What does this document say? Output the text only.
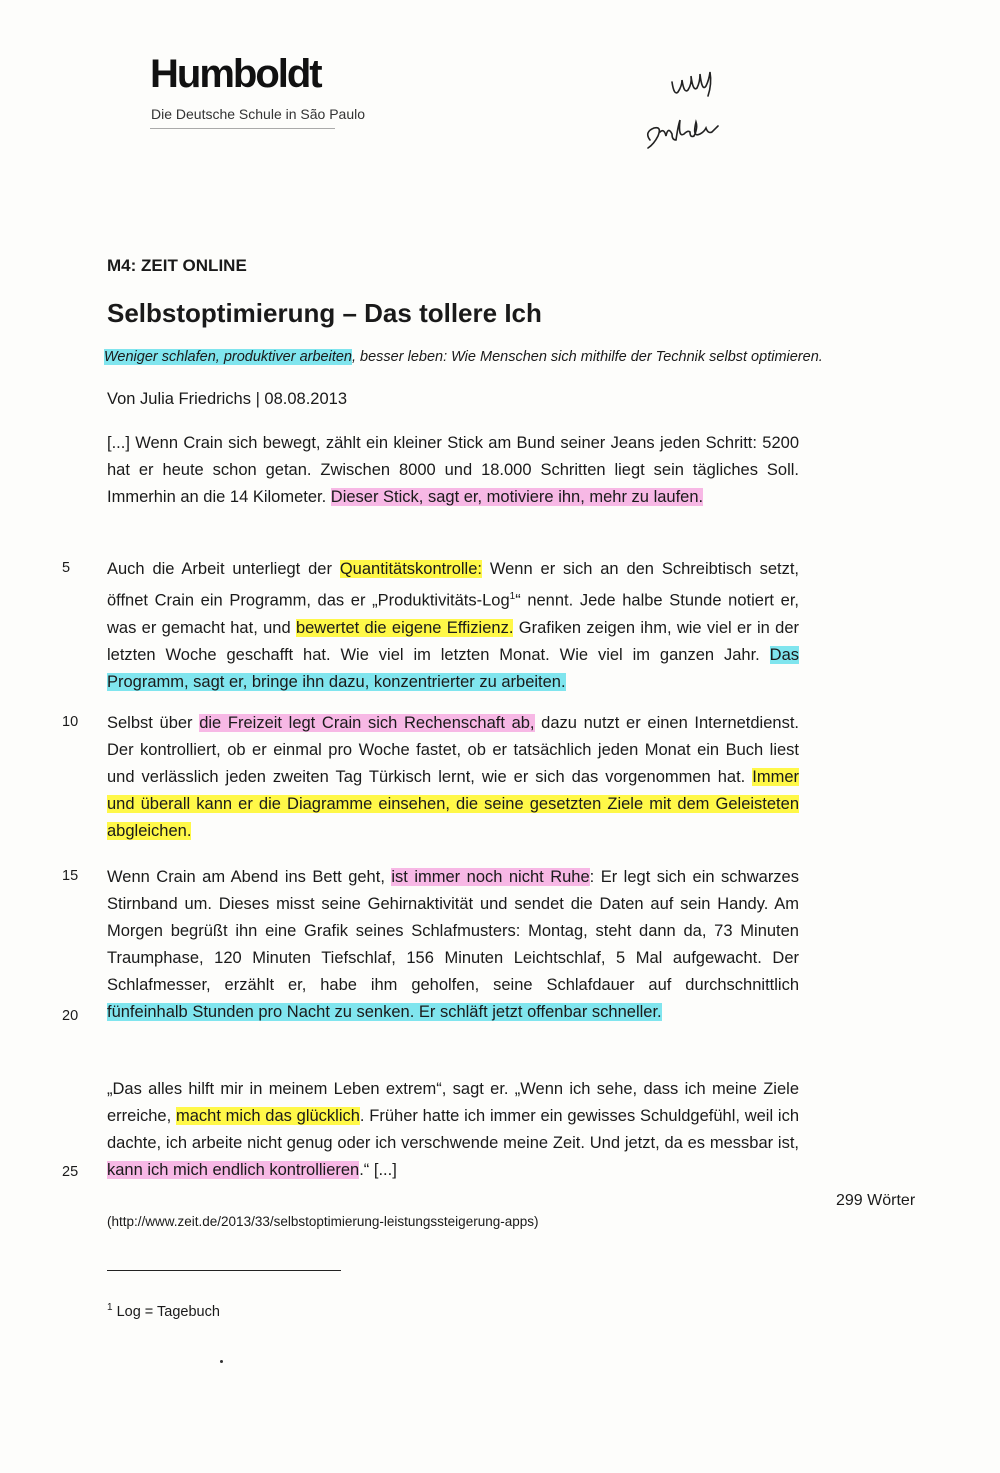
Humboldt
Die Deutsche Schule in São Paulo
M4: ZEIT ONLINE
Selbstoptimierung – Das tollere Ich
Weniger schlafen, produktiver arbeiten, besser leben: Wie Menschen sich mithilfe der Technik selbst optimieren.
Von Julia Friedrichs | 08.08.2013

[...] Wenn Crain sich bewegt, zählt ein kleiner Stick am Bund seiner Jeans jeden Schritt: 5200 hat er heute schon getan. Zwischen 8000 und 18.000 Schritten liegt sein tägliches Soll. Immerhin an die 14 Kilometer. Dieser Stick, sagt er, motiviere ihn, mehr zu laufen.

5 Auch die Arbeit unterliegt der Quantitätskontrolle: Wenn er sich an den Schreibtisch setzt, öffnet Crain ein Programm, das er „Produktivitäts-Log$^1$“ nennt. Jede halbe Stunde notiert er, was er gemacht hat, und bewertet die eigene Effizienz. Grafiken zeigen ihm, wie viel er in der letzten Woche geschafft hat. Wie viel im letzten Monat. Wie viel im ganzen Jahr. Das Programm, sagt er, bringe ihn dazu, konzentrierter zu arbeiten.

10 Selbst über die Freizeit legt Crain sich Rechenschaft ab, dazu nutzt er einen Internetdienst. Der kontrolliert, ob er einmal pro Woche fastet, ob er tatsächlich jeden Monat ein Buch liest und verlässlich jeden zweiten Tag Türkisch lernt, wie er sich das vorgenommen hat. Immer und überall kann er die Diagramme einsehen, die seine gesetzten Ziele mit dem Geleisteten abgleichen.

15
20

Wenn Crain am Abend ins Bett geht, ist immer noch nicht Ruhe: Er legt sich ein schwarzes Stirnband um. Dieses misst seine Gehirnaktivität und sendet die Daten auf sein Handy. Am Morgen begrüßt ihn eine Grafik seines Schlafmusters: Montag, steht dann da, 73 Minuten Traumphase, 120 Minuten Tiefschlaf, 156 Minuten Leichtschlaf, 5 Mal aufgewacht. Der Schlafmesser, erzählt er, habe ihm geholfen, seine Schlafdauer auf durchschnittlich fünfeinhalb Stunden pro Nacht zu senken. Er schläft jetzt offenbar schneller.

25

„Das alles hilft mir in meinem Leben extrem“, sagt er. „Wenn ich sehe, dass ich meine Ziele erreiche, macht mich das glücklich. Früher hatte ich immer ein gewisses Schuldgefühl, weil ich dachte, ich arbeite nicht genug oder ich verschwende meine Zeit. Und jetzt, da es messbar ist, kann ich mich endlich kontrollieren.“ [...]

299 Wörter
(http://www.zeit.de/2013/33/selbstoptimierung-leistungssteigerung-apps)
$^1$ Log = Tagebuch
